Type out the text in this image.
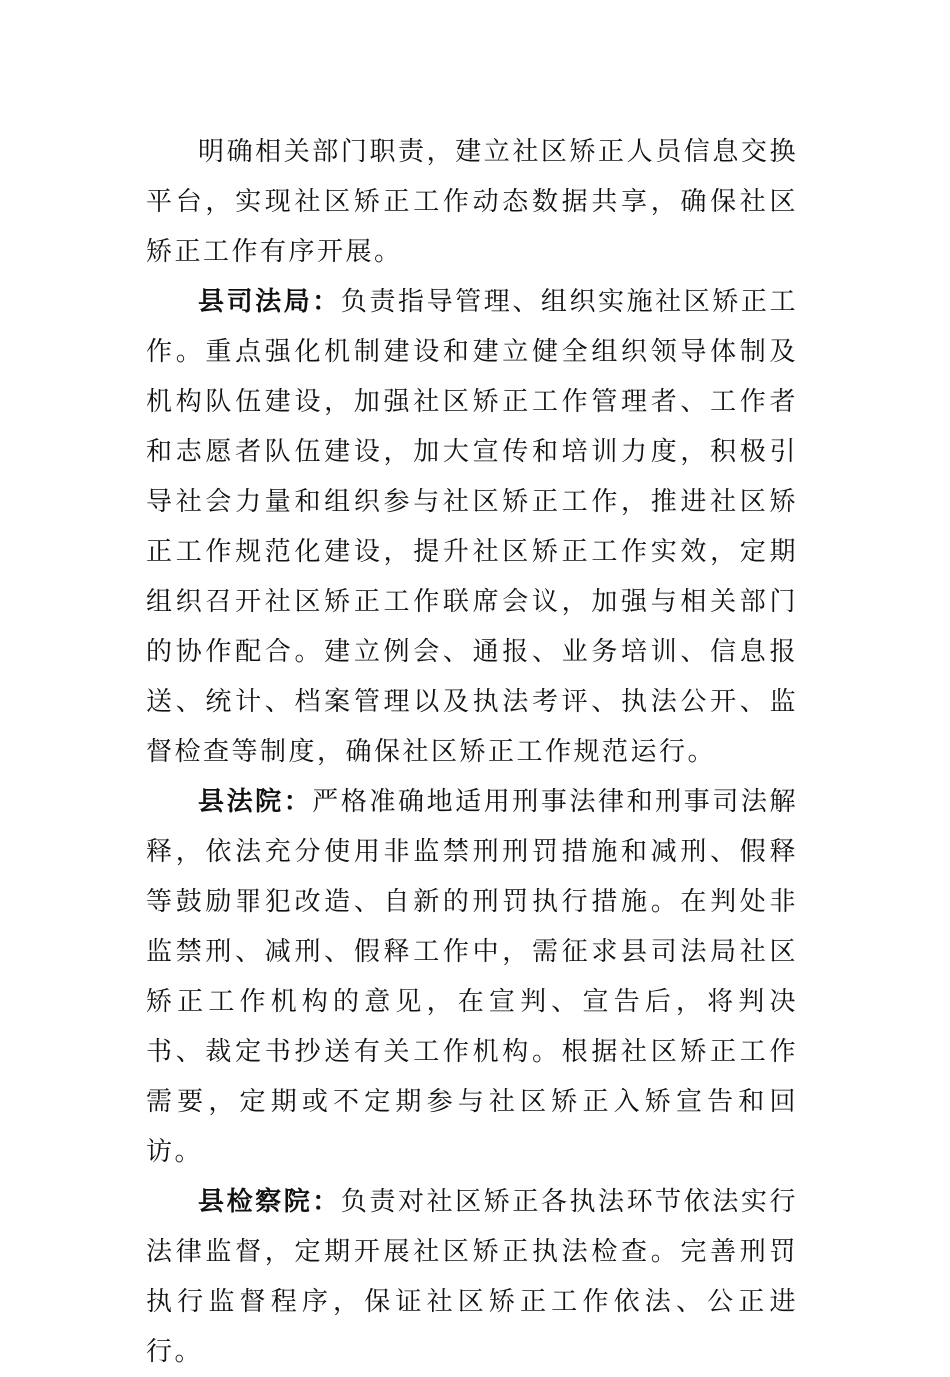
明确相关部门职责，建立社区矫正人员信息交换平台，实现社区矫正工作动态数据共享，确保社区矫正工作有序开展。

县司法局：负责指导管理、组织实施社区矫正工作。重点强化机制建设和建立健全组织领导体制及机构队伍建设，加强社区矫正工作管理者、工作者和志愿者队伍建设，加大宣传和培训力度，积极引导社会力量和组织参与社区矫正工作，推进社区矫正工作规范化建设，提升社区矫正工作实效，定期组织召开社区矫正工作联席会议，加强与相关部门的协作配合。建立例会、通报、业务培训、信息报送、统计、档案管理以及执法考评、执法公开、监督检查等制度，确保社区矫正工作规范运行。

县法院：严格准确地适用刑事法律和刑事司法解释，依法充分使用非监禁刑刑罚措施和减刑、假释等鼓励罪犯改造、自新的刑罚执行措施。在判处非监禁刑、减刑、假释工作中，需征求县司法局社区矫正工作机构的意见，在宣判、宣告后，将判决书、裁定书抄送有关工作机构。根据社区矫正工作需要，定期或不定期参与社区矫正入矫宣告和回访。

县检察院：负责对社区矫正各执法环节依法实行法律监督，定期开展社区矫正执法检查。完善刑罚执行监督程序，保证社区矫正工作依法、公正进行。
